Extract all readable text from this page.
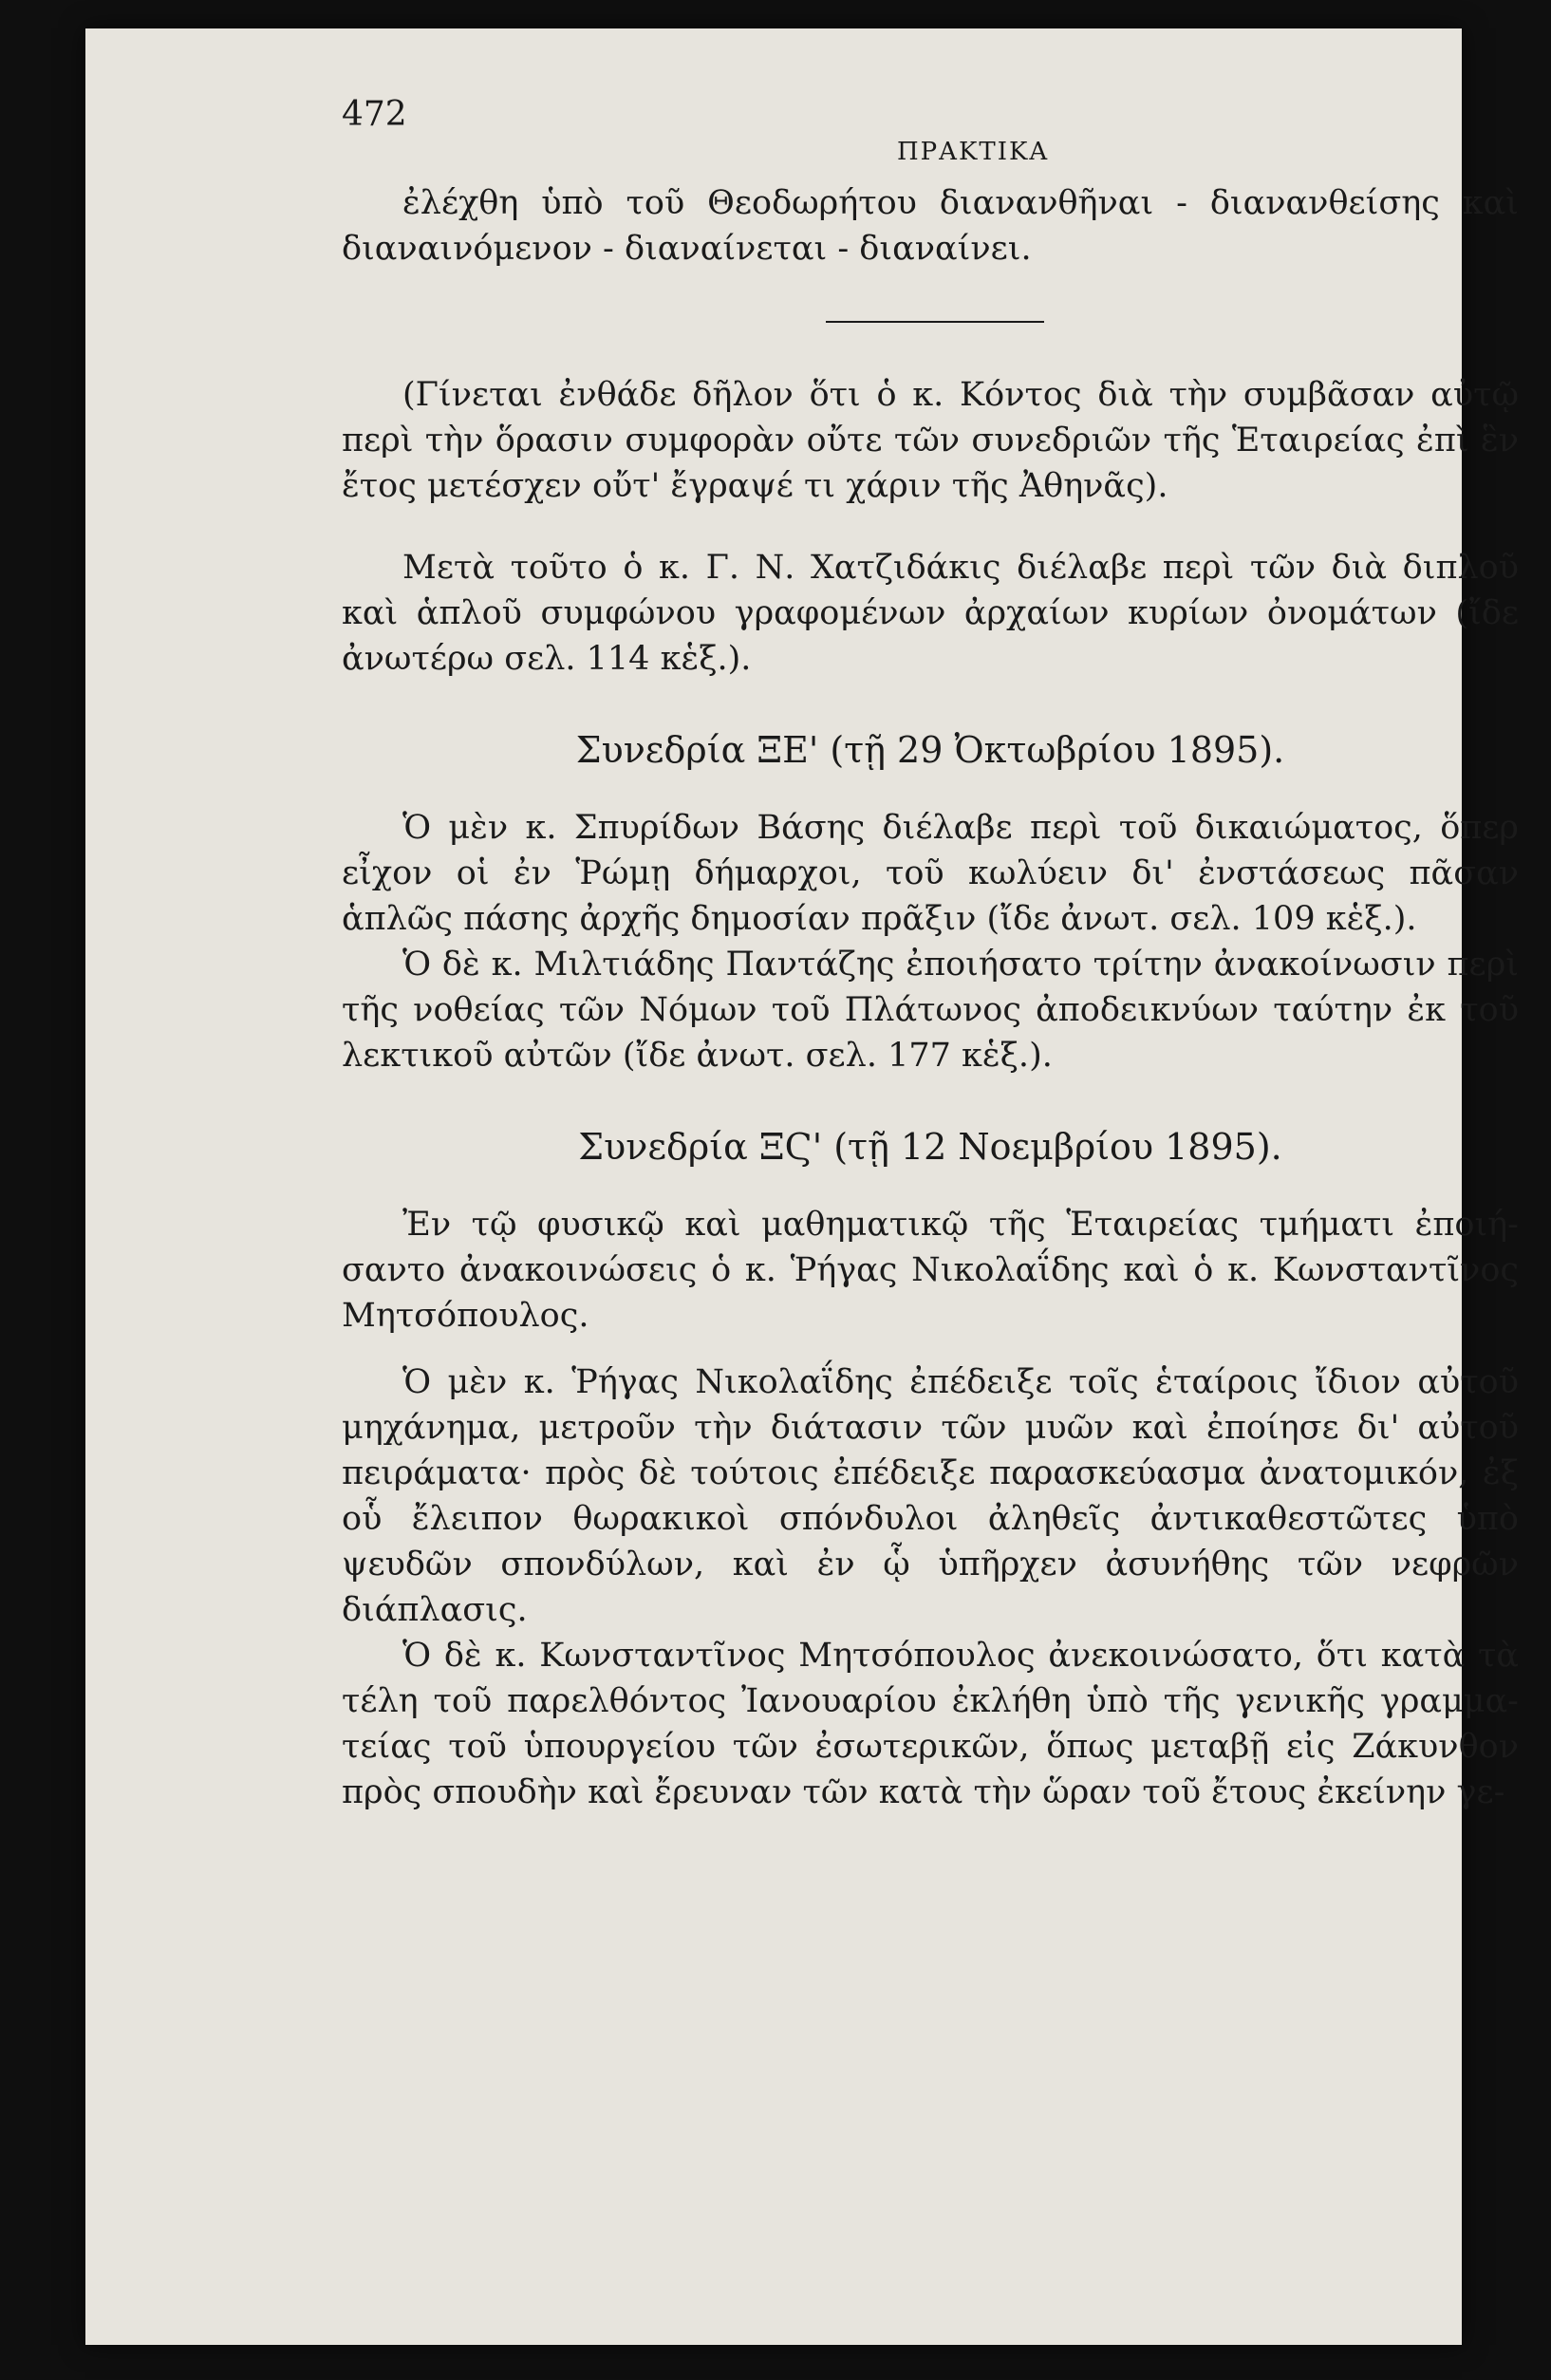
472
ΠΡΑΚΤΙΚΑ

ἐλέχθη ὑπὸ τοῦ Θεοδωρήτου διανανθῆναι - διανανθείσης καὶ διαναινόμενον - διαναίνεται - διαναίνει.

(Γίνεται ἐνθάδε δῆλον ὅτι ὁ κ. Κόντος διὰ τὴν συμβᾶσαν αὐτῷ περὶ τὴν ὅρασιν συμφορὰν οὔτε τῶν συνεδριῶν τῆς Ἑταιρείας ἐπὶ ἓν ἔτος μετέσχεν οὔτ' ἔγραψέ τι χάριν τῆς Ἀθηνᾶς).

Μετὰ τοῦτο ὁ κ. Γ. Ν. Χατζιδάκις διέλαβε περὶ τῶν διὰ διπλοῦ καὶ ἁπλοῦ συμφώνου γραφομένων ἀρχαίων κυρίων ὀνομάτων (ἴδε ἀνωτέρω σελ. 114 κἑξ.).

Συνεδρία ΞΕ' (τῇ 29 Ὀκτωβρίου 1895).

Ὁ μὲν κ. Σπυρίδων Βάσης διέλαβε περὶ τοῦ δικαιώματος, ὅπερ εἶχον οἱ ἐν Ῥώμῃ δήμαρχοι, τοῦ κωλύειν δι' ἐνστάσεως πᾶσαν ἁπλῶς πάσης ἀρχῆς δημοσίαν πρᾶξιν (ἴδε ἀνωτ. σελ. 109 κἑξ.).

Ὁ δὲ κ. Μιλτιάδης Παντάζης ἐποιήσατο τρίτην ἀνακοίνωσιν περὶ τῆς νοθείας τῶν Νόμων τοῦ Πλάτωνος ἀποδεικνύων ταύτην ἐκ τοῦ λεκτικοῦ αὐτῶν (ἴδε ἀνωτ. σελ. 177 κἑξ.).

Συνεδρία ΞϚ' (τῇ 12 Νοεμβρίου 1895).

Ἐν τῷ φυσικῷ καὶ μαθηματικῷ τῆς Ἑταιρείας τμήματι ἐποιήσαντο ἀνακοινώσεις ὁ κ. Ῥήγας Νικολαΐδης καὶ ὁ κ. Κωνσταντῖνος Μητσόπουλος.

Ὁ μὲν κ. Ῥήγας Νικολαΐδης ἐπέδειξε τοῖς ἑταίροις ἴδιον αὐτοῦ μηχάνημα, μετροῦν τὴν διάτασιν τῶν μυῶν καὶ ἐποίησε δι' αὐτοῦ πειράματα· πρὸς δὲ τούτοις ἐπέδειξε παρασκεύασμα ἀνατομικόν, ἐξ οὗ ἔλειπον θωρακικοὶ σπόνδυλοι ἀληθεῖς ἀντικαθεστῶτες ὑπὸ ψευδῶν σπονδύλων, καὶ ἐν ᾧ ὑπῆρχεν ἀσυνήθης τῶν νεφρῶν διάπλασις.

Ὁ δὲ κ. Κωνσταντῖνος Μητσόπουλος ἀνεκοινώσατο, ὅτι κατὰ τὰ τέλη τοῦ παρελθόντος Ἰανουαρίου ἐκλήθη ὑπὸ τῆς γενικῆς γραμματείας τοῦ ὑπουργείου τῶν ἐσωτερικῶν, ὅπως μεταβῇ εἰς Ζάκυνθον πρὸς σπουδὴν καὶ ἔρευναν τῶν κατὰ τὴν ὥραν τοῦ ἔτους ἐκείνην γε-
